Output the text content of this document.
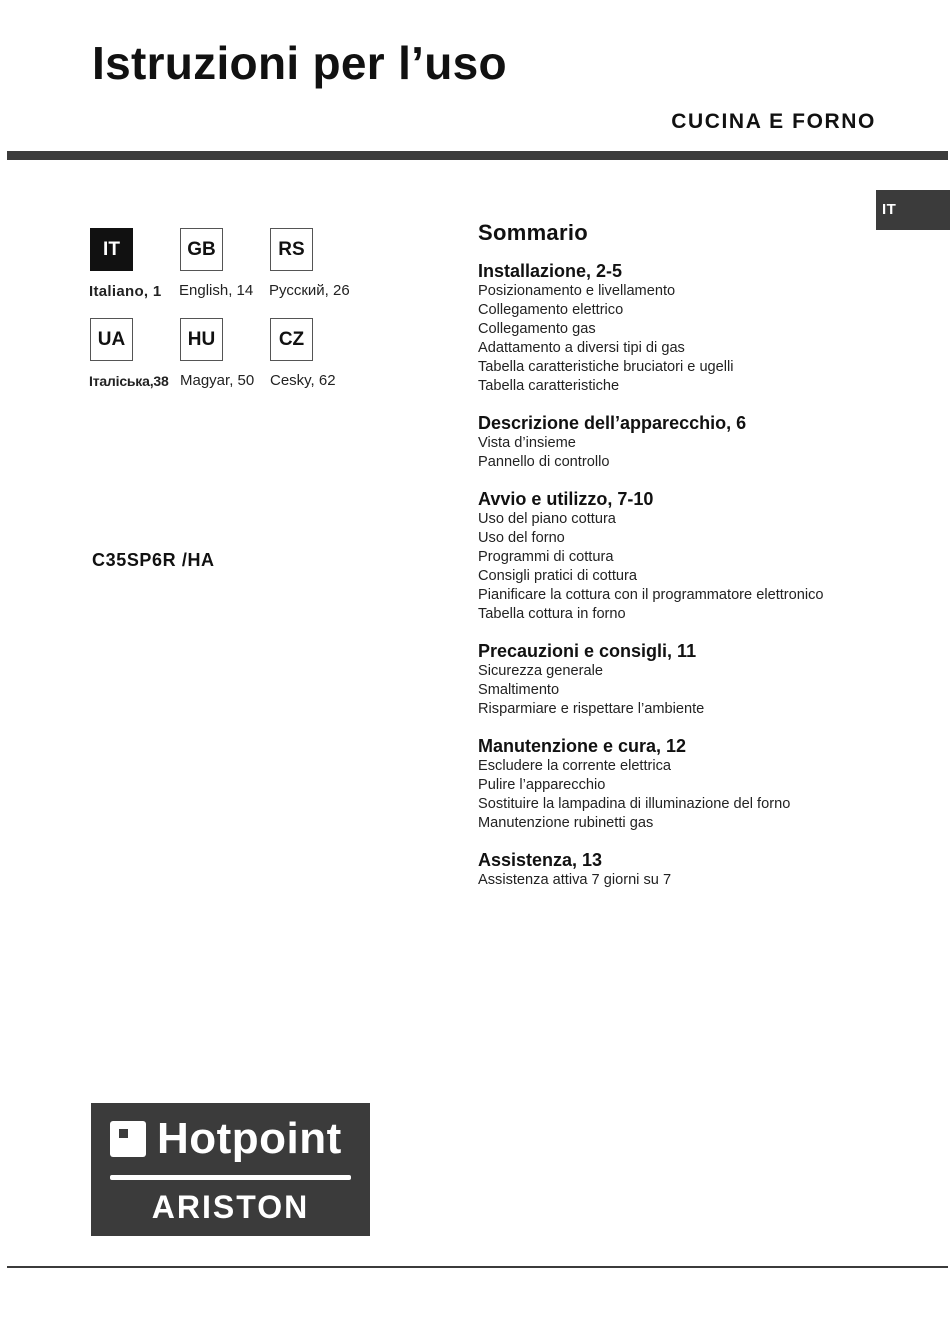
Istruzioni per l’uso
CUCINA E FORNO
IT
IT	GB	RS
Italiano, 1 English, 14 Русский, 26
UA	HU	CZ
Італіська,38 Magyar, 50 Cesky, 62
C35SP6R /HA
Sommario
Installazione, 2-5
Posizionamento e livellamento
Collegamento elettrico
Collegamento gas
Adattamento a diversi tipi di gas
Tabella caratteristiche bruciatori e ugelli
Tabella caratteristiche
Descrizione dell’apparecchio, 6
Vista d’insieme
Pannello di controllo
Avvio e utilizzo, 7-10
Uso del piano cottura
Uso del forno
Programmi di cottura
Consigli pratici di cottura
Pianificare la cottura con il programmatore elettronico
Tabella cottura in forno
Precauzioni e consigli, 11
Sicurezza generale
Smaltimento
Risparmiare e rispettare l’ambiente
Manutenzione e cura, 12
Escludere la corrente elettrica
Pulire l’apparecchio
Sostituire la lampadina di illuminazione del forno
Manutenzione rubinetti gas
Assistenza, 13
Assistenza attiva 7 giorni su 7
Hotpoint
ARISTON
